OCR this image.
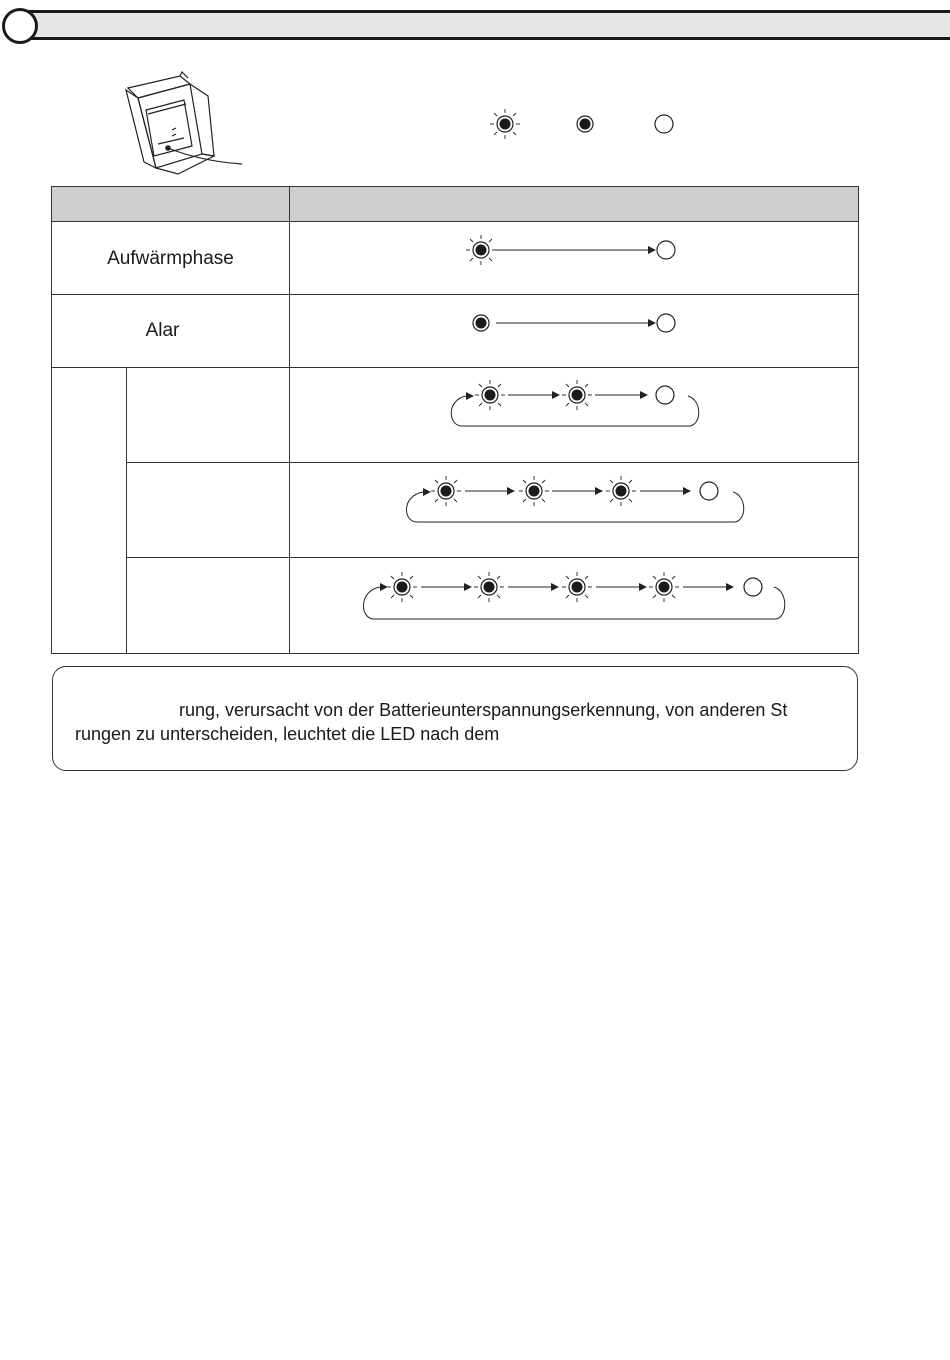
Aufwärmphase
Alar
rung, verursacht von der Batterieunterspannungserkennung, von anderen St
rungen zu unterscheiden, leuchtet die LED nach dem
